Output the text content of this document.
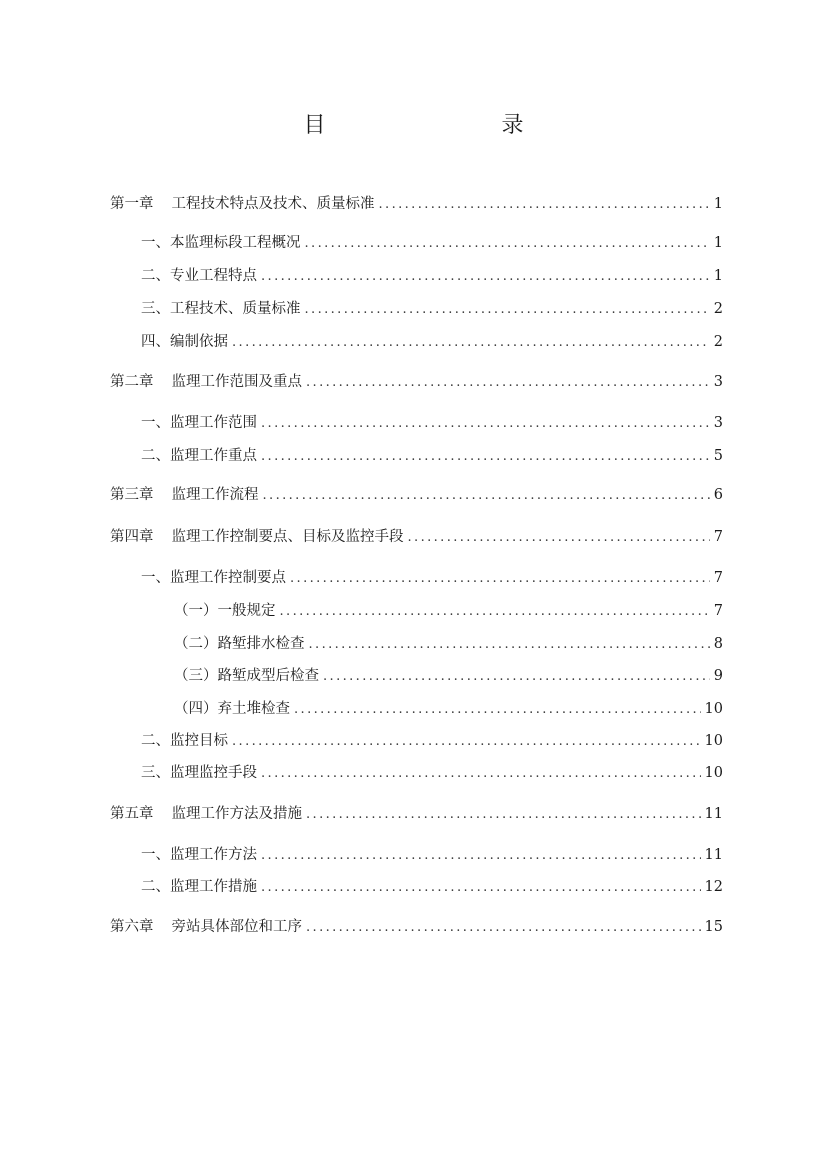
目　　录
第一章 工程技术特点及技术、质量标准 .....	1
一、本监理标段工程概况 .....	1
二、专业工程特点 .....	1
三、工程技术、质量标准 .....	2
四、编制依据 .....	2
第二章 监理工作范围及重点 .....	3
一、监理工作范围 .....	3
二、监理工作重点 .....	5
第三章 监理工作流程 .....	6
第四章 监理工作控制要点、目标及监控手段 .....	7
一、监理工作控制要点 .....	7
（一）一般规定 .....	7
（二）路堑排水检查 .....	8
（三）路堑成型后检查 .....	9
（四）弃土堆检查 .....	10
二、监控目标 .....	10
三、监理监控手段 .....	10
第五章 监理工作方法及措施 .....	11
一、监理工作方法 .....	11
二、监理工作措施 .....	12
第六章 旁站具体部位和工序 .....	15
